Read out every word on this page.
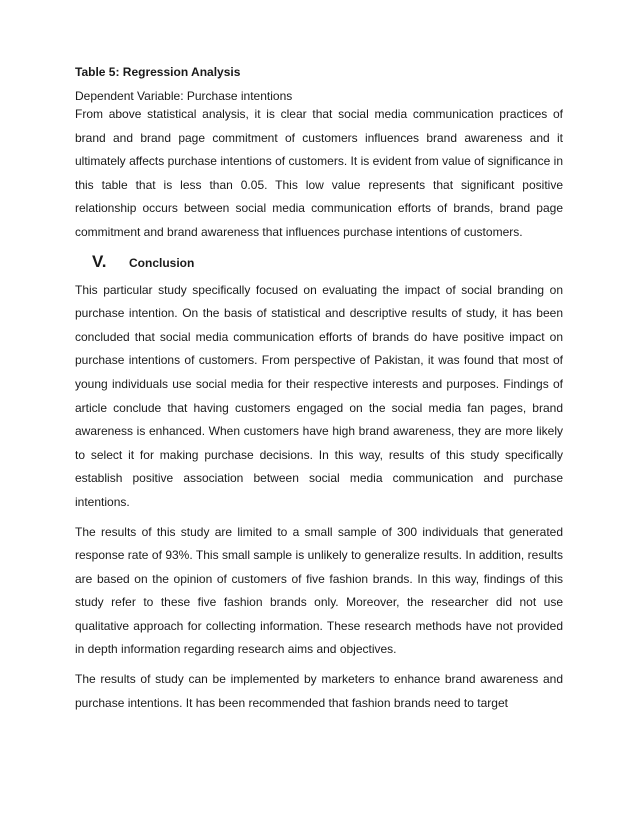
Table 5: Regression Analysis

Dependent Variable: Purchase intentions

From above statistical analysis, it is clear that social media communication practices of brand and brand page commitment of customers influences brand awareness and it ultimately affects purchase intentions of customers. It is evident from value of significance in this table that is less than 0.05. This low value represents that significant positive relationship occurs between social media communication efforts of brands, brand page commitment and brand awareness that influences purchase intentions of customers.

V.	Conclusion

This particular study specifically focused on evaluating the impact of social branding on purchase intention. On the basis of statistical and descriptive results of study, it has been concluded that social media communication efforts of brands do have positive impact on purchase intentions of customers. From perspective of Pakistan, it was found that most of young individuals use social media for their respective interests and purposes. Findings of article conclude that having customers engaged on the social media fan pages, brand awareness is enhanced. When customers have high brand awareness, they are more likely to select it for making purchase decisions. In this way, results of this study specifically establish positive association between social media communication and purchase intentions.

The results of this study are limited to a small sample of 300 individuals that generated response rate of 93%. This small sample is unlikely to generalize results. In addition, results are based on the opinion of customers of five fashion brands. In this way, findings of this study refer to these five fashion brands only. Moreover, the researcher did not use qualitative approach for collecting information. These research methods have not provided in depth information regarding research aims and objectives.

The results of study can be implemented by marketers to enhance brand awareness and purchase intentions. It has been recommended that fashion brands need to target
